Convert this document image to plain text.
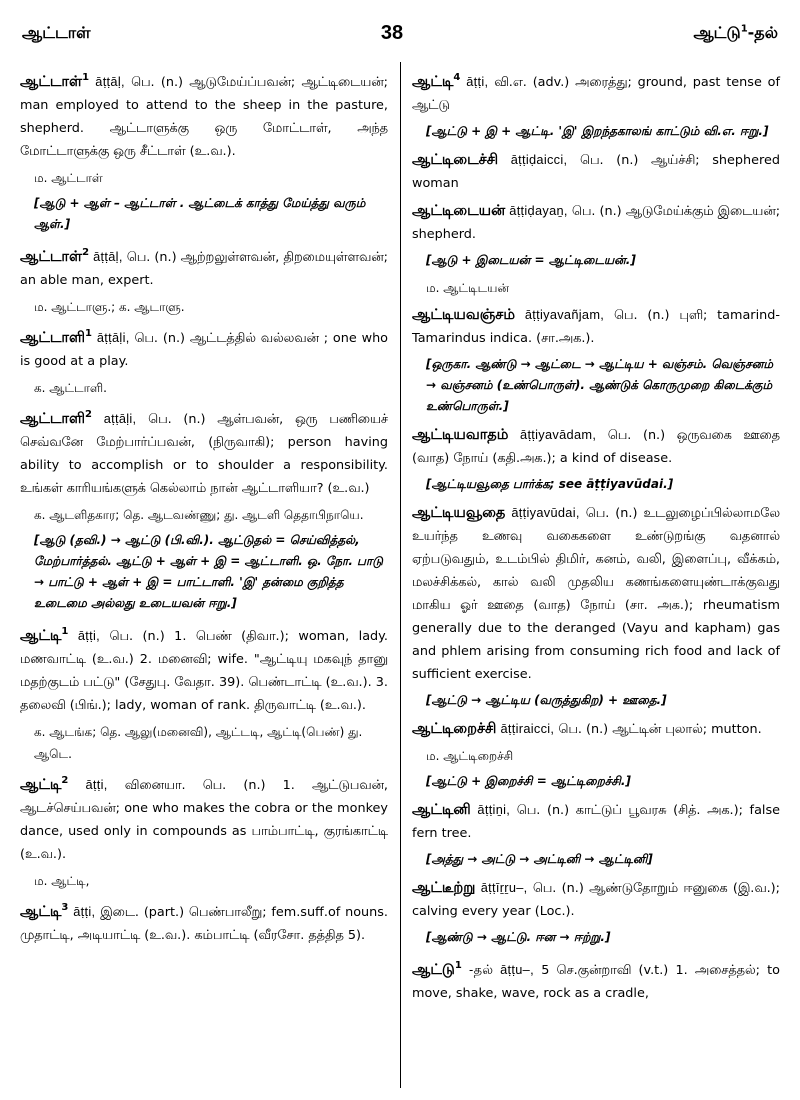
ஆட்டாள்	38	ஆட்டு$^1$-தல்
ஆட்டாள்$^1$ āṭṭāḷ, பெ. (n.) ஆடுமேய்ப்பவன்; ஆட்டிடையன்; man employed to attend to the sheep in the pasture, shepherd. ஆட்டாளுக்கு ஒரு மோட்டாள், அந்த மோட்டாளுக்கு ஒரு சீட்டாள் (உ.வ.).
ம. ஆட்டாள்
[ஆடு + ஆள் – ஆட்டாள் . ஆட்டைக் காத்து மேய்த்து வரும் ஆள்.]
ஆட்டாள்$^2$ āṭṭāḷ, பெ. (n.) ஆற்றலுள்ளவன், திறமையுள்ளவன்; an able man, expert.
ம. ஆட்டாளு.; க. ஆடாளு.
ஆட்டாளி$^1$ āṭṭāḷi, பெ. (n.) ஆட்டத்தில் வல்லவன் ; one who is good at a play.
க. ஆட்டாளி.
ஆட்டாளி$^2$ aṭṭāḷi, பெ. (n.) ஆள்பவன், ஒரு பணியைச் செவ்வனே மேற்பார்ப்பவன், (நிருவாகி); person having ability to accomplish or to shoulder a responsibility. உங்கள் காரியங்களுக் கெல்லாம் நான் ஆட்டாளியா? (உ.வ.)
க. ஆடளிதகார; தெ. ஆடவண்ணு; து. ஆடளி தெதாபிநாயெ.
[ஆடு (தவி.) → ஆட்டு (பி.வி.). ஆட்டுதல் = செய்வித்தல், மேற்பார்த்தல். ஆட்டு + ஆள் + இ = ஆட்டாளி. ஒ. நோ. பாடு → பாட்டு + ஆள் + இ = பாட்டாளி. 'இ' தன்மை குறித்த உடைமை அல்லது உடையவன் ஈறு.]
ஆட்டி$^1$ āṭṭi, பெ. (n.) 1. பெண் (திவா.); woman, lady. மணவாட்டி (உ.வ.) 2. மனைவி; wife. "ஆட்டியு மகவுந் தானு மதற்குடம் பட்டு" (சேதுபு. வேதா. 39). பெண்டாட்டி (உ.வ.). 3. தலைவி (பிங்.); lady, woman of rank. திருவாட்டி (உ.வ.).
க. ஆடங்க; தெ. ஆலு(மனைவி), ஆட்டடி, ஆட்டி(பெண்) து. ஆடெ.
ஆட்டி$^2$ āṭṭi, வினையா. பெ. (n.) 1. ஆட்டுபவன், ஆடச்செய்பவன்; one who makes the cobra or the monkey dance, used only in compounds as பாம்பாட்டி, குரங்காட்டி (உ.வ.).
ம. ஆட்டி,
ஆட்டி$^3$ āṭṭi, இடை. (part.) பெண்பாலீறு; fem.suff.of nouns. முதாட்டி, அடியாட்டி (உ.வ.). கம்பாட்டி (வீரசோ. தத்தித 5).
ஆட்டி$^4$ āṭṭi, வி.எ. (adv.) அரைத்து; ground, past tense of ஆட்டு
[ஆட்டு + இ + ஆட்டி. 'இ' இறந்தகாலங் காட்டும் வி.எ. ஈறு.]
ஆட்டிடைச்சி āṭṭiḍaicci, பெ. (n.) ஆய்ச்சி; shephered woman
ஆட்டிடையன் āṭṭiḍayaṉ, பெ. (n.) ஆடுமேய்க்கும் இடையன்; shepherd.
[ஆடு + இடையன் = ஆட்டிடையன்.]
ம. ஆட்டிடயன்
ஆட்டியவஞ்சம் āṭṭiyavañjam, பெ. (n.) புளி; tamarind-Tamarindus indica. (சா.அக.).
[ஒருகா. ஆண்டு → ஆட்டை → ஆட்டிய + வஞ்சம். வெஞ்சனம் → வஞ்சனம் (உண்பொருள்). ஆண்டுக் கொருமுறை கிடைக்கும் உண்பொருள்.]
ஆட்டியவாதம் āṭṭiyavādam, பெ. (n.) ஒருவகை ஊதை (வாத) நோய் (கதி.அக.); a kind of disease.
[ஆட்டியவூதை பார்க்க; see āṭṭiyavūdai.]
ஆட்டியவூதை āṭṭiyavūdai, பெ. (n.) உடலுழைப்பில்லாமலே உயர்ந்த உணவு வகைகளை உண்டுறங்கு வதனால் ஏற்படுவதும், உடம்பில் திமிர், கனம், வலி, இளைப்பு, வீக்கம், மலச்சிக்கல், கால் வலி முதலிய கணங்களையுண்டாக்குவது மாகிய ஓர் ஊதை (வாத) நோய் (சா. அக.); rheumatism generally due to the deranged (Vayu and kapham) gas and phlem arising from consuming rich food and lack of sufficient exercise.
[ஆட்டு → ஆட்டிய (வருத்துகிற) + ஊதை.]
ஆட்டிறைச்சி āṭṭiraicci, பெ. (n.) ஆட்டின் புலால்; mutton.
ம. ஆட்டிறைச்சி
[ஆட்டு + இறைச்சி = ஆட்டிறைச்சி.]
ஆட்டினி āṭṭiṉi, பெ. (n.) காட்டுப் பூவரசு (சித். அக.); false fern tree.
[அத்து → அட்டு → அட்டினி → ஆட்டினி]
ஆட்டீற்று āṭṭīṟṟu–, பெ. (n.) ஆண்டுதோறும் ஈனுகை (இ.வ.); calving every year (Loc.).
[ஆண்டு → ஆட்டு. ஈன → ஈற்று.]
ஆட்டு$^1$ -தல் āṭṭu–, 5 செ.குன்றாவி (v.t.) 1. அசைத்தல்; to move, shake, wave, rock as a cradle,
